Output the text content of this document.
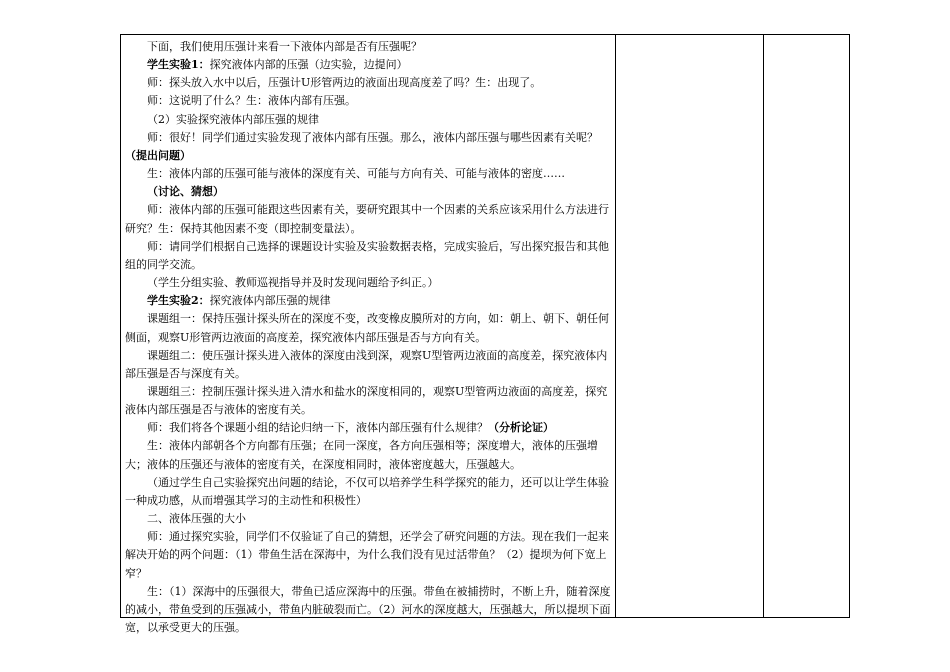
下面，我们使用压强计来看一下液体内部是否有压强呢？

学生实验1：探究液体内部的压强（边实验，边提问）

师：探头放入水中以后，压强计U形管两边的液面出现高度差了吗？生：出现了。

师：这说明了什么？生：液体内部有压强。

（2）实验探究液体内部压强的规律

师：很好！同学们通过实验发现了液体内部有压强。那么，液体内部压强与哪些因素有关呢？（提出问题）

生：液体内部的压强可能与液体的深度有关、可能与方向有关、可能与液体的密度……

（讨论、猜想）

师：液体内部的压强可能跟这些因素有关，要研究跟其中一个因素的关系应该采用什么方法进行研究？生：保持其他因素不变（即控制变量法）。

师：请同学们根据自己选择的课题设计实验及实验数据表格，完成实验后，写出探究报告和其他组的同学交流。

（学生分组实验、教师巡视指导并及时发现问题给予纠正。）

学生实验2：探究液体内部压强的规律

课题组一：保持压强计探头所在的深度不变，改变橡皮膜所对的方向，如：朝上、朝下、朝任何侧面，观察U形管两边液面的高度差，探究液体内部压强是否与方向有关。

课题组二：使压强计探头进入液体的深度由浅到深，观察U型管两边液面的高度差，探究液体内部压强是否与深度有关。

课题组三：控制压强计探头进入清水和盐水的深度相同的，观察U型管两边液面的高度差，探究液体内部压强是否与液体的密度有关。

师：我们将各个课题小组的结论归纳一下，液体内部压强有什么规律？（分析论证）

生：液体内部朝各个方向都有压强；在同一深度，各方向压强相等；深度增大，液体的压强增大；液体的压强还与液体的密度有关，在深度相同时，液体密度越大，压强越大。

（通过学生自己实验探究出问题的结论，不仅可以培养学生科学探究的能力，还可以让学生体验一种成功感，从而增强其学习的主动性和积极性）

二、液体压强的大小

师：通过探究实验，同学们不仅验证了自己的猜想，还学会了研究问题的方法。现在我们一起来解决开始的两个问题：（1）带鱼生活在深海中，为什么我们没有见过活带鱼？（2）提坝为何下宽上窄？

生：（1）深海中的压强很大，带鱼已适应深海中的压强。带鱼在被捕捞时，不断上升，随着深度的减小，带鱼受到的压强减小，带鱼内脏破裂而亡。（2）河水的深度越大，压强越大，所以提坝下面宽，以承受更大的压强。
